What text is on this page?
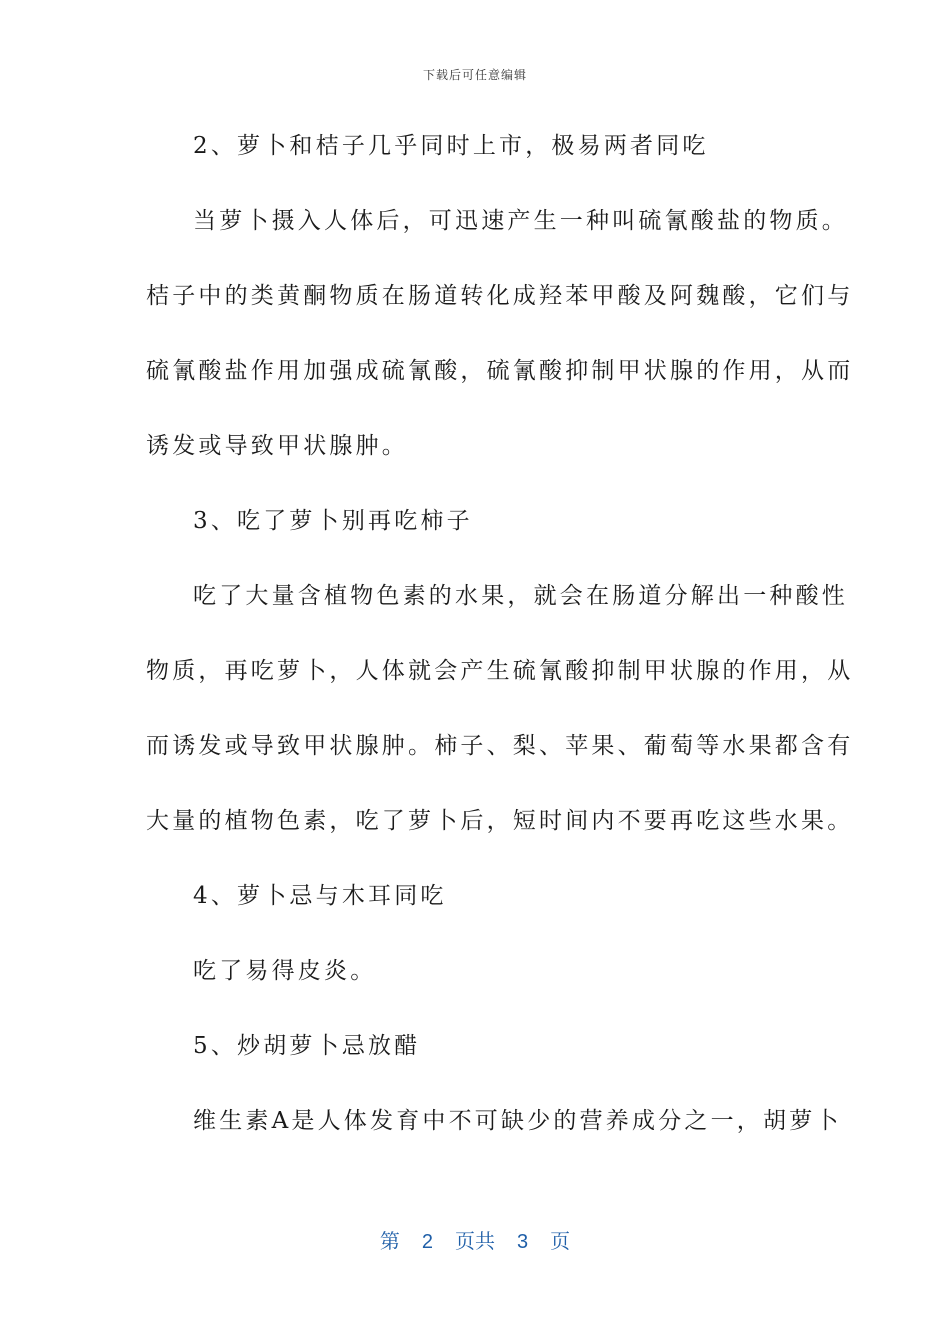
下载后可任意编辑
2、萝卜和桔子几乎同时上市，极易两者同吃
当萝卜摄入人体后，可迅速产生一种叫硫氰酸盐的物质。
桔子中的类黄酮物质在肠道转化成羟苯甲酸及阿魏酸，它们与
硫氰酸盐作用加强成硫氰酸，硫氰酸抑制甲状腺的作用，从而
诱发或导致甲状腺肿。
3、吃了萝卜别再吃柿子
吃了大量含植物色素的水果，就会在肠道分解出一种酸性
物质，再吃萝卜，人体就会产生硫氰酸抑制甲状腺的作用，从
而诱发或导致甲状腺肿。柿子、梨、苹果、葡萄等水果都含有
大量的植物色素，吃了萝卜后，短时间内不要再吃这些水果。
4、萝卜忌与木耳同吃
吃了易得皮炎。
5、炒胡萝卜忌放醋
维生素A是人体发育中不可缺少的营养成分之一，胡萝卜
第 2 页共 3 页
